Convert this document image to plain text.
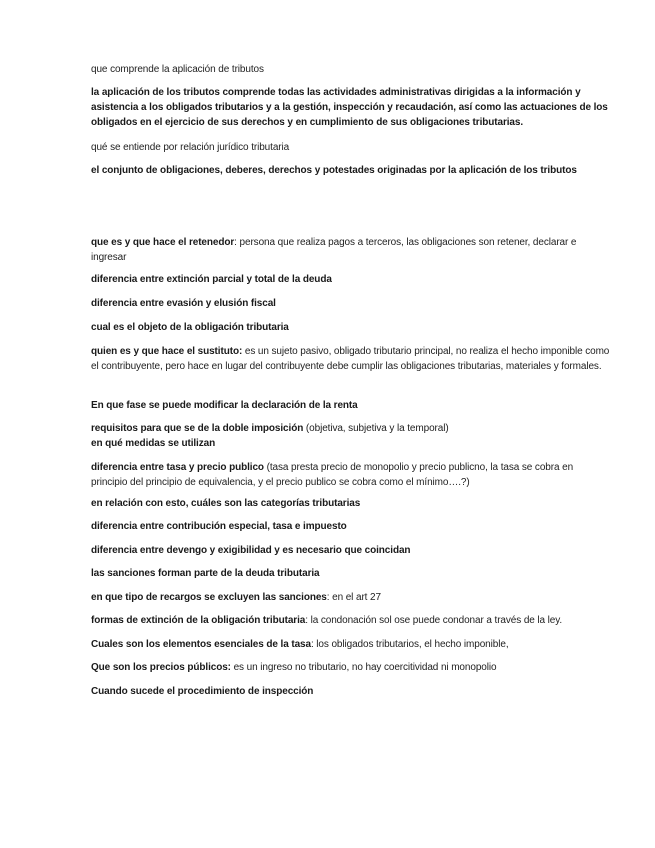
que comprende la aplicación de tributos

la aplicación de los tributos comprende todas las actividades administrativas dirigidas a la información y asistencia a los obligados tributarios y a la gestión, inspección y recaudación, así como las actuaciones de los obligados en el ejercicio de sus derechos y en cumplimiento de sus obligaciones tributarias.

qué se entiende por relación jurídico tributaria

el conjunto de obligaciones, deberes, derechos y potestades originadas por la aplicación de los tributos

que es y que hace el retenedor: persona que realiza pagos a terceros, las obligaciones son retener, declarar e ingresar

diferencia entre extinción parcial y total de la deuda

diferencia entre evasión y elusión fiscal

cual es el objeto de la obligación tributaria

quien es y que hace el sustituto: es un sujeto pasivo, obligado tributario principal, no realiza el hecho imponible como el contribuyente, pero hace en lugar del contribuyente debe cumplir las obligaciones tributarias, materiales y formales.

En que fase se puede modificar la declaración de la renta

requisitos para que se de la doble imposición (objetiva, subjetiva y la temporal)
en qué medidas se utilizan

diferencia entre tasa y precio publico (tasa presta precio de monopolio y precio publicno, la tasa se cobra en principio del principio de equivalencia, y el precio publico se cobra como el mínimo….?)

en relación con esto, cuáles son las categorías tributarias

diferencia entre contribución especial, tasa e impuesto

diferencia entre devengo y exigibilidad y es necesario que coincidan

las sanciones forman parte de la deuda tributaria

en que tipo de recargos se excluyen las sanciones: en el art 27

formas de extinción de la obligación tributaria: la condonación sol ose puede condonar a través de la ley.

Cuales son los elementos esenciales de la tasa: los obligados tributarios, el hecho imponible,

Que son los precios públicos: es un ingreso no tributario, no hay coercitividad ni monopolio

Cuando sucede el procedimiento de inspección
